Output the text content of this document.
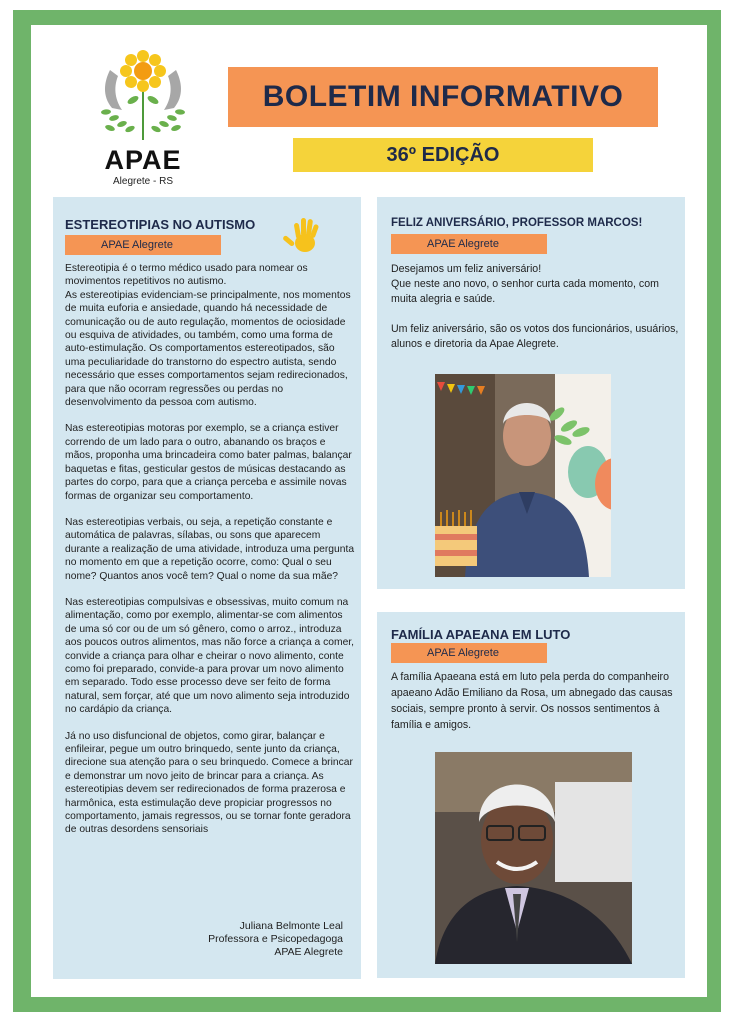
APAE
Alegrete - RS
BOLETIM INFORMATIVO
36º EDIÇÃO
ESTEREOTIPIAS NO AUTISMO
APAE Alegrete

Estereotipia é o termo médico usado para nomear os movimentos repetitivos no autismo.
As estereotipias evidenciam-se principalmente, nos momentos de muita euforia e ansiedade, quando há necessidade de comunicação ou de auto regulação, momentos de ociosidade ou esquiva de atividades, ou também, como uma forma de auto-estimulação. Os comportamentos estereotipados, são uma peculiaridade do transtorno do espectro autista, sendo necessário que esses comportamentos sejam redirecionados, para que não ocorram regressões ou perdas no desenvolvimento da pessoa com autismo.

Nas estereotipias motoras por exemplo, se a criança estiver correndo de um lado para o outro, abanando os braços e mãos, proponha uma brincadeira como bater palmas, balançar baquetas e fitas, gesticular gestos de músicas destacando as partes do corpo, para que a criança perceba e assimile novas formas de organizar seu comportamento.

Nas estereotipias verbais, ou seja, a repetição constante e automática de palavras, sílabas, ou sons que aparecem durante a realização de uma atividade, introduza uma pergunta no momento em que a repetição ocorre, como: Qual o seu nome? Quantos anos você tem? Qual o nome da sua mãe?

Nas estereotipias compulsivas e obsessivas, muito comum na alimentação, como por exemplo, alimentar-se com alimentos de uma só cor ou de um só gênero, como o arroz., introduza aos poucos outros alimentos, mas não force a criança a comer, convide a criança para olhar e cheirar o novo alimento, conte como foi preparado, convide-a para provar um novo alimento em separado. Todo esse processo deve ser feito de forma natural, sem forçar, até que um novo alimento seja introduzido no cardápio da criança.

Já no uso disfuncional de objetos, como girar, balançar e enfileirar, pegue um outro brinquedo, sente junto da criança, direcione sua atenção para o seu brinquedo. Comece a brincar e demonstrar um novo jeito de brincar para a criança. As estereotipias devem ser redirecionados de forma prazerosa e harmônica, esta estimulação deve propiciar progressos no comportamento, jamais regressos, ou se tornar fonte geradora de outras desordens sensoriais

Juliana Belmonte Leal
Professora e Psicopedagoga
APAE Alegrete
FELIZ ANIVERSÁRIO, PROFESSOR MARCOS!
APAE Alegrete

Desejamos um feliz aniversário!
Que neste ano novo, o senhor curta cada momento, com muita alegria e saúde.

Um feliz aniversário, são os votos dos funcionários, usuários, alunos e diretoria da Apae Alegrete.

FAMÍLIA APAEANA EM LUTO
APAE Alegrete

A família Apaeana está em luto pela perda do companheiro apaeano Adão Emiliano da Rosa, um abnegado das causas sociais, sempre pronto à servir. Os nossos sentimentos à família e amigos.
